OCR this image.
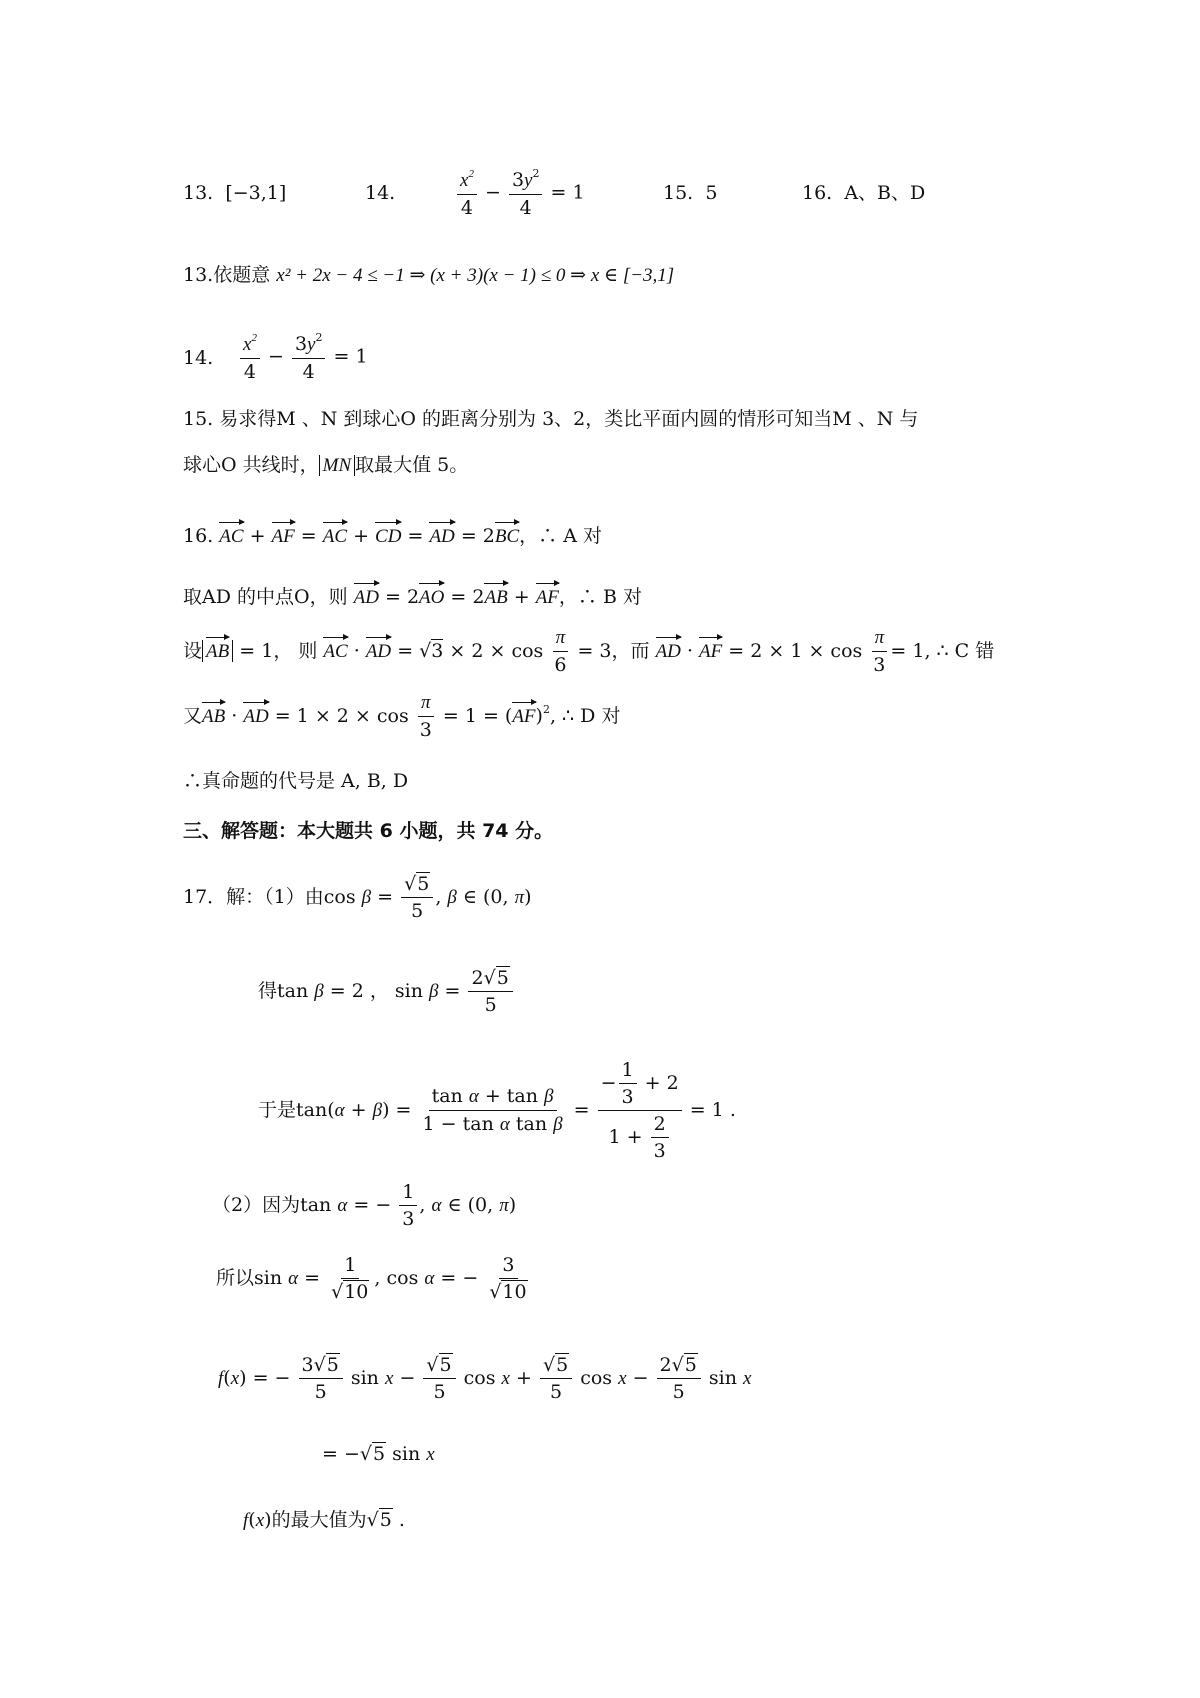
13. [−3,1]	14.	$\frac{x^2}{4} - \frac{3y^2}{4} = 1$	15. 5	16. A、B、D
13.依题意 x² + 2x − 4 ≤ −1 ⇒ (x + 3)(x − 1) ≤ 0 ⇒ x ∈ [−3,1]
14. $\frac{x^2}{4} - \frac{3y^2}{4} = 1$
15. 易求得M 、N 到球心O 的距离分别为 3、2，类比平面内圆的情形可知当M 、N 与
球心O 共线时， MN 取最大值 5。
16. AC + AF = AC + CD = AD = 2BC，∴ A 对
取AD 的中点O，则 AD = 2AO = 2AB + AF，∴ B 对
设 AB = 1， 则 AC · AD = $√3 \times 2 \times \cos \frac{\pi}{6} = 3$，而 AD · AF = $2 \times 1 \times \cos \frac{\pi}{3} = 1$, ∴ C 错
又AB · AD = $1 \times 2 \times \cos \frac{\pi}{3} = 1 = (AF)^2$, ∴ D 对
∴真命题的代号是 A, B, D
三、解答题：本大题共 6 小题，共 74 分。
17．解：（1）由$\cos \beta = \frac{√5}{5}$ , β ∈ (0, π)
得tan β = 2 ， $\sin \beta = \frac{2√5}{5}$
于是$\tan(\alpha + \beta) = \frac{\text{tan α + tan β}}{\text{1 − tan α tan β}} = \frac{- \frac{1}{3} + 2}{1 + \frac{2}{3}} = 1$ .
（2）因为tan α = − $\frac{1}{3}$ , α ∈ (0, π)
所以$\sin \alpha = \frac{1}{√10}$ , cos α = − $\frac{3}{√10}$
f(x) = − $\frac{3√5}{5}$ $\sin x - \frac{√5}{5}$ $\cos x + \frac{√5}{5}$ $\cos x - \frac{2√5}{5}$ sin x
= −√5 sin x
f(x)的最大值为√5 .
